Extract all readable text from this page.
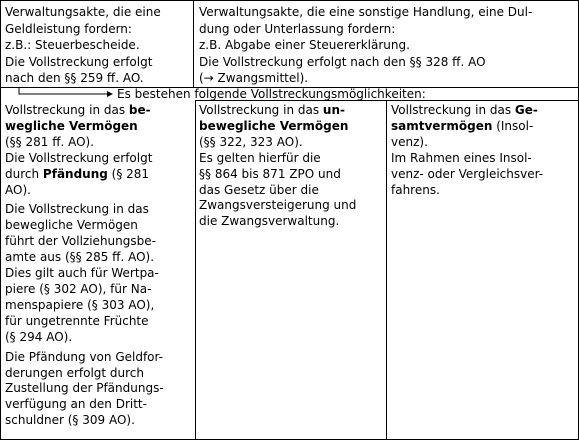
Verwaltungsakte, die eine
Geldleistung fordern:
z.B.: Steuerbescheide.
Die Vollstreckung erfolgt
nach den §§ 259 ff. AO.
Verwaltungsakte, die eine sonstige Handlung, eine Dul-
dung oder Unterlassung fordern:
z.B. Abgabe einer Steuererklärung.
Die Vollstreckung erfolgt nach den §§ 328 ff. AO
(→ Zwangsmittel).
Es bestehen folgende Vollstreckungsmöglichkeiten:

Vollstreckung in das be-
wegliche Vermögen
(§§ 281 ff. AO).
Die Vollstreckung erfolgt
durch Pfändung (§ 281
AO).

Die Vollstreckung in das
bewegliche Vermögen
führt der Vollziehungsbe-
amte aus (§§ 285 ff. AO).
Dies gilt auch für Wertpa-
piere (§ 302 AO), für Na-
menspapiere (§ 303 AO),
für ungetrennte Früchte
(§ 294 AO).

Die Pfändung von Geldfor-
derungen erfolgt durch
Zustellung der Pfändungs-
verfügung an den Dritt-
schuldner (§ 309 AO).

Vollstreckung in das un-
bewegliche Vermögen
(§§ 322, 323 AO).
Es gelten hierfür die
§§ 864 bis 871 ZPO und
das Gesetz über die
Zwangsversteigerung und
die Zwangsverwaltung.
Vollstreckung in das Ge-
samtvermögen (Insol-
venz).
Im Rahmen eines Insol-
venz- oder Vergleichsver-
fahrens.
